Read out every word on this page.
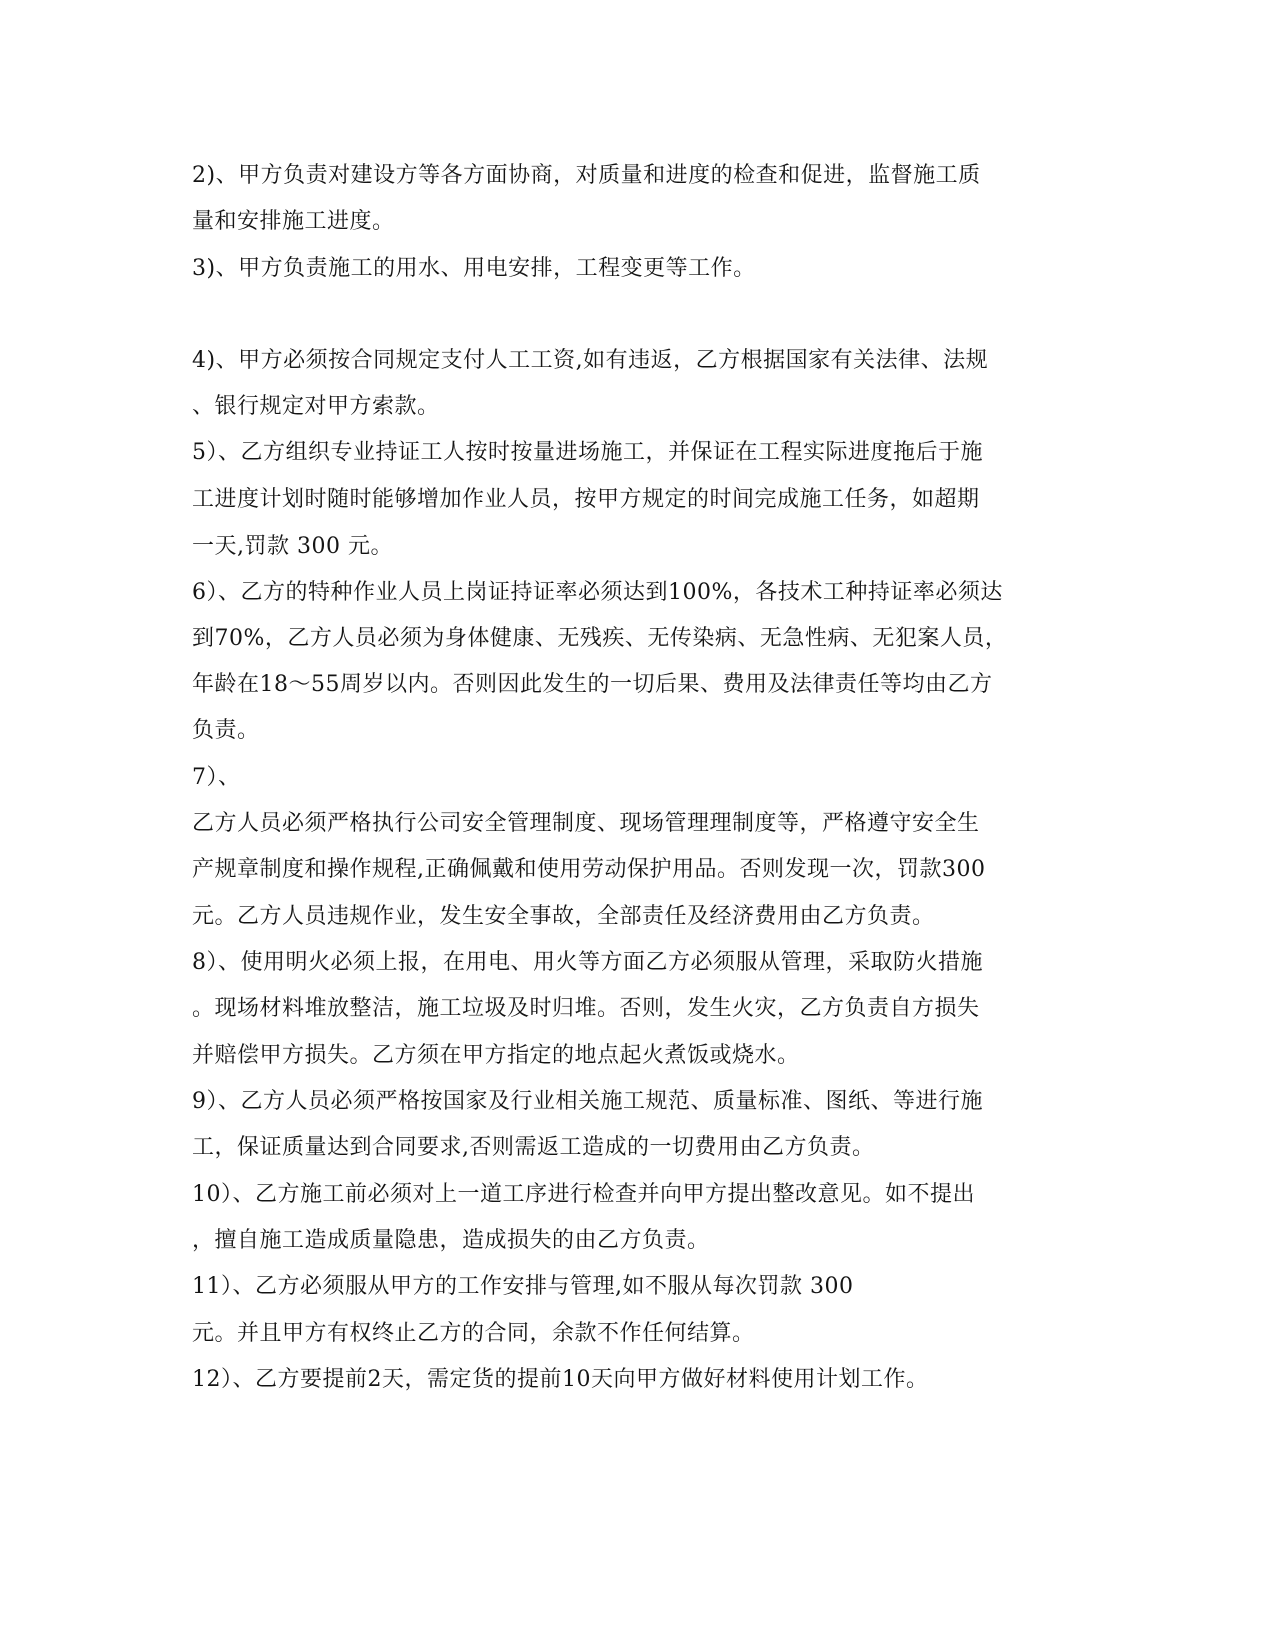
2)、甲方负责对建设方等各方面协商，对质量和进度的检查和促进，监督施工质
量和安排施工进度。
3)、甲方负责施工的用水、用电安排，工程变更等工作。
4)、甲方必须按合同规定支付人工工资,如有违返，乙方根据国家有关法律、法规
、银行规定对甲方索款。
5）、乙方组织专业持证工人按时按量进场施工，并保证在工程实际进度拖后于施
工进度计划时随时能够增加作业人员，按甲方规定的时间完成施工任务，如超期
一天,罚款 300 元。
6）、乙方的特种作业人员上岗证持证率必须达到100%，各技术工种持证率必须达
到70%，乙方人员必须为身体健康、无残疾、无传染病、无急性病、无犯案人员，
年龄在18～55周岁以内。否则因此发生的一切后果、费用及法律责任等均由乙方
负责。
7）、
乙方人员必须严格执行公司安全管理制度、现场管理理制度等，严格遵守安全生
产规章制度和操作规程,正确佩戴和使用劳动保护用品。否则发现一次，罚款300
元。乙方人员违规作业，发生安全事故，全部责任及经济费用由乙方负责。
8）、使用明火必须上报，在用电、用火等方面乙方必须服从管理，采取防火措施
。现场材料堆放整洁，施工垃圾及时归堆。否则，发生火灾，乙方负责自方损失
并赔偿甲方损失。乙方须在甲方指定的地点起火煮饭或烧水。
9）、乙方人员必须严格按国家及行业相关施工规范、质量标准、图纸、等进行施
工，保证质量达到合同要求,否则需返工造成的一切费用由乙方负责。
10）、乙方施工前必须对上一道工序进行检查并向甲方提出整改意见。如不提出
，擅自施工造成质量隐患，造成损失的由乙方负责。
11）、乙方必须服从甲方的工作安排与管理,如不服从每次罚款 300
元。并且甲方有权终止乙方的合同，余款不作任何结算。
12）、乙方要提前2天，需定货的提前10天向甲方做好材料使用计划工作。
